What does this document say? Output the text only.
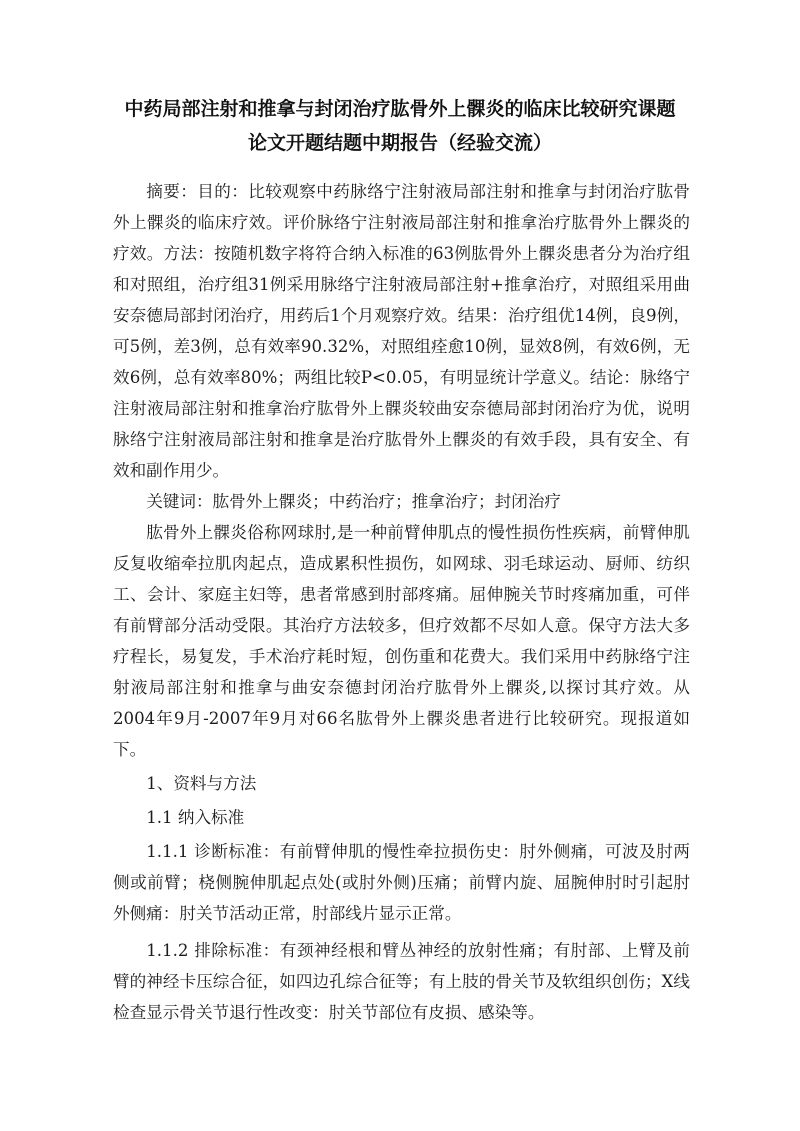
中药局部注射和推拿与封闭治疗肱骨外上髁炎的临床比较研究课题
论文开题结题中期报告（经验交流）

摘要：目的：比较观察中药脉络宁注射液局部注射和推拿与封闭治疗肱骨外上髁炎的临床疗效。评价脉络宁注射液局部注射和推拿治疗肱骨外上髁炎的疗效。方法：按随机数字将符合纳入标准的63例肱骨外上髁炎患者分为治疗组和对照组，治疗组31例采用脉络宁注射液局部注射+推拿治疗，对照组采用曲安奈德局部封闭治疗，用药后1个月观察疗效。结果：治疗组优14例，良9例，可5例，差3例，总有效率90.32%，对照组痊愈10例，显效8例，有效6例，无效6例，总有效率80%；两组比较P<0.05，有明显统计学意义。结论：脉络宁注射液局部注射和推拿治疗肱骨外上髁炎较曲安奈德局部封闭治疗为优，说明脉络宁注射液局部注射和推拿是治疗肱骨外上髁炎的有效手段，具有安全、有效和副作用少。

关键词：肱骨外上髁炎；中药治疗；推拿治疗；封闭治疗

肱骨外上髁炎俗称网球肘,是一种前臂伸肌点的慢性损伤性疾病，前臂伸肌反复收缩牵拉肌肉起点，造成累积性损伤，如网球、羽毛球运动、厨师、纺织工、会计、家庭主妇等，患者常感到肘部疼痛。屈伸腕关节时疼痛加重，可伴有前臂部分活动受限。其治疗方法较多，但疗效都不尽如人意。保守方法大多疗程长，易复发，手术治疗耗时短，创伤重和花费大。我们采用中药脉络宁注射液局部注射和推拿与曲安奈德封闭治疗肱骨外上髁炎,以探讨其疗效。从2004年9月-2007年9月对66名肱骨外上髁炎患者进行比较研究。现报道如下。

1、资料与方法

1.1 纳入标准

1.1.1 诊断标准：有前臂伸肌的慢性牵拉损伤史：肘外侧痛，可波及肘两侧或前臂；桡侧腕伸肌起点处(或肘外侧)压痛；前臂内旋、屈腕伸肘时引起肘外侧痛：肘关节活动正常，肘部线片显示正常。

1.1.2 排除标准：有颈神经根和臂丛神经的放射性痛；有肘部、上臂及前臂的神经卡压综合征，如四边孔综合征等；有上肢的骨关节及软组织创伤；X线检查显示骨关节退行性改变：肘关节部位有皮损、感染等。
